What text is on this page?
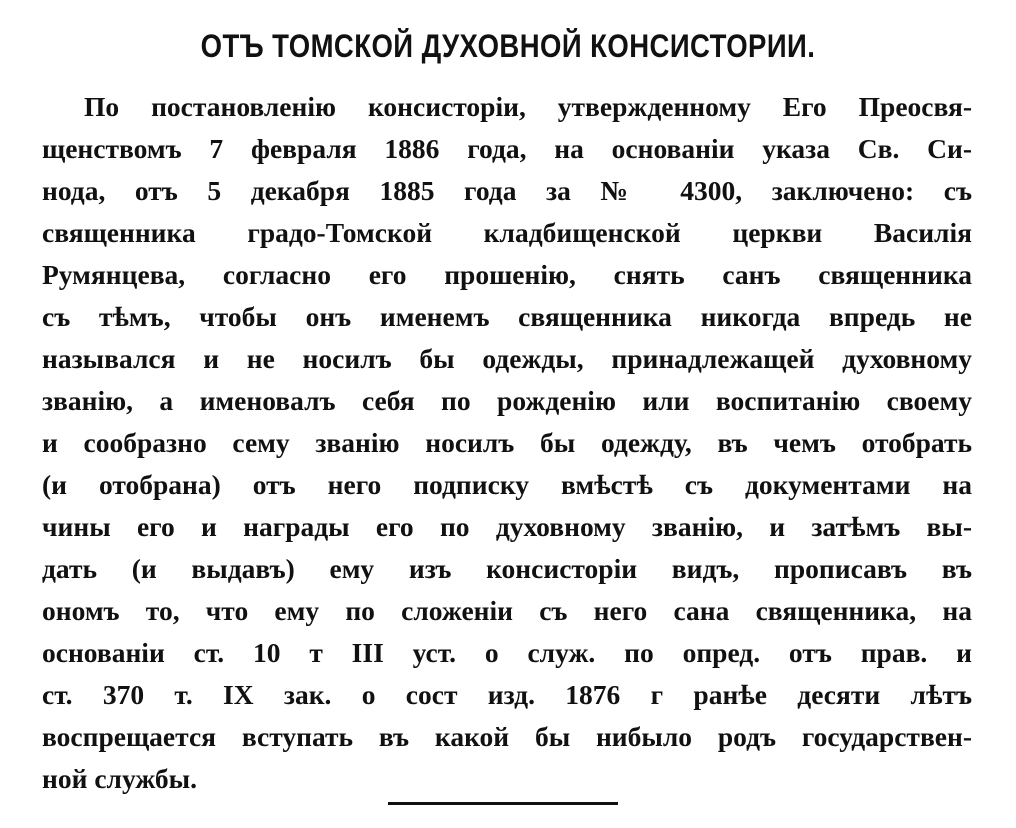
ОТЪ ТОМСКОЙ ДУХОВНОЙ КОНСИСТОРИИ.
По постановленію консисторіи, утвержденному Его Преосвя-
щенствомъ 7 февраля 1886 года, на основаніи указа Св. Си-
нода, отъ 5 декабря 1885 года за № 4300, заключено: съ
священника градо-Томской кладбищенской церкви Василія
Румянцева, согласно его прошенію, снять санъ священника
съ тѣмъ, чтобы онъ именемъ священника никогда впредь не
назывался и не носилъ бы одежды, принадлежащей духовному
званію, а именовалъ себя по рожденію или воспитанію своему
и сообразно сему званію носилъ бы одежду, въ чемъ отобрать
(и отобрана) отъ него подписку вмѣстѣ съ документами на
чины его и награды его по духовному званію, и затѣмъ вы-
дать (и выдавъ) ему изъ консисторіи видъ, прописавъ въ
ономъ то, что ему по сложеніи съ него сана священника, на
основаніи ст. 10 т III уст. о служ. по опред. отъ прав. и
ст. 370 т. IX зак. о сост изд. 1876 г ранѣе десяти лѣтъ
воспрещается вступать въ какой бы нибыло родъ государствен-
ной службы.
